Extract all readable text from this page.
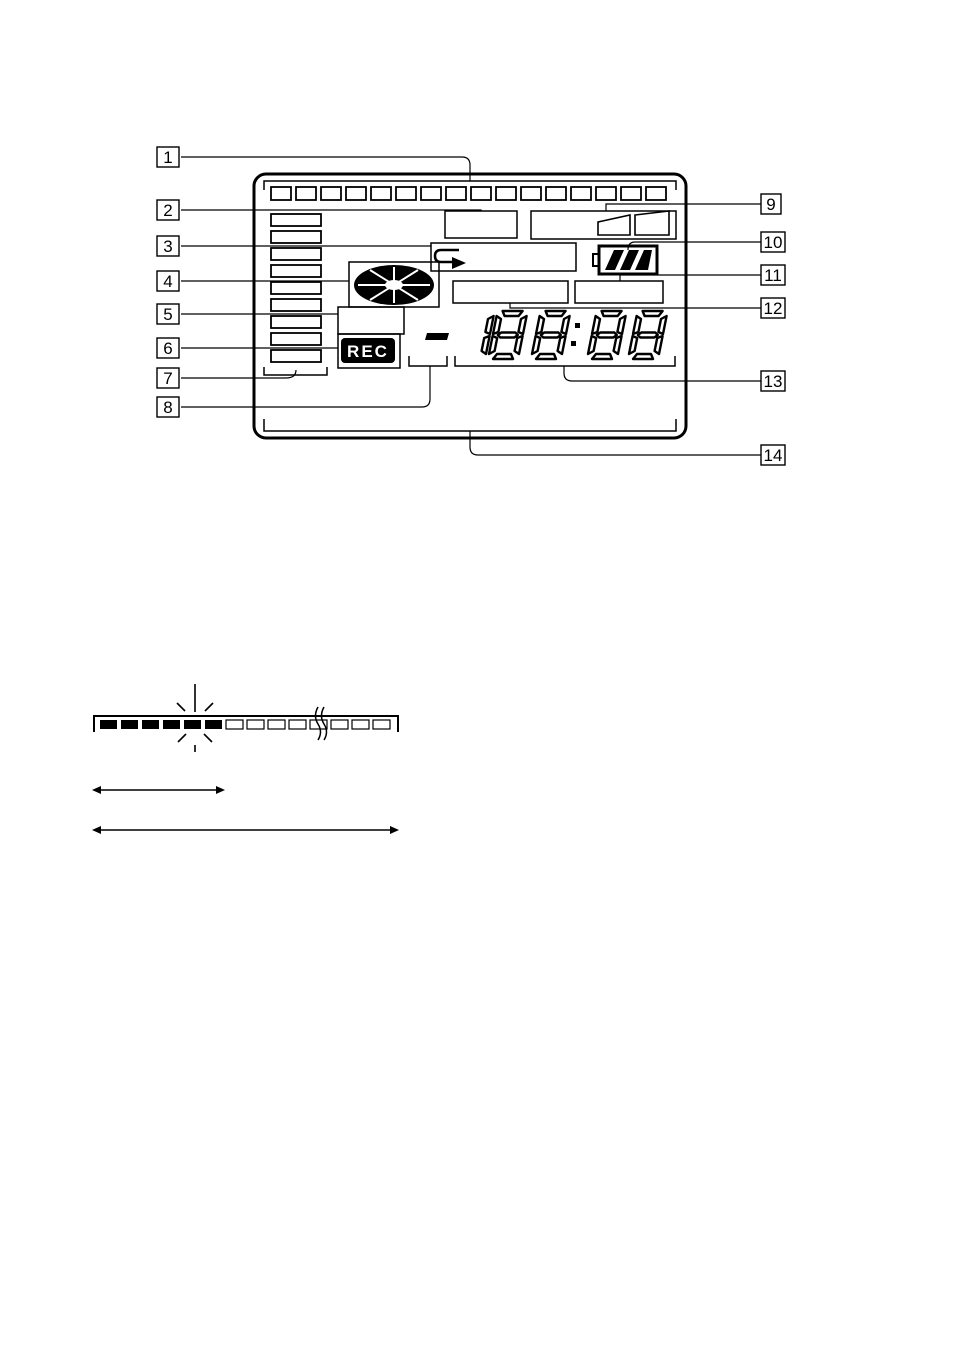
REC
1
2
3
4
5
6
7
8
9
10
11
12
13
14
